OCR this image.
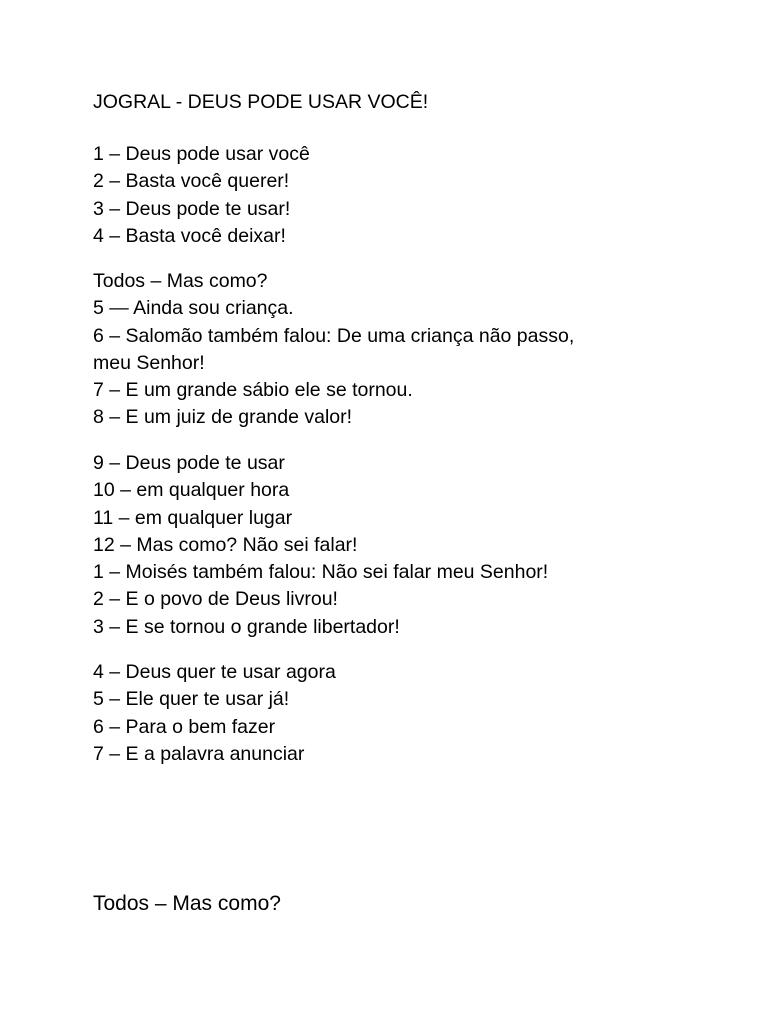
JOGRAL - DEUS PODE USAR VOCÊ!
1 – Deus pode usar você
2 – Basta você querer!
3 – Deus pode te usar!
4 – Basta você deixar!
Todos – Mas como?
5 — Ainda sou criança.
6 – Salomão também falou: De uma criança não passo,
meu Senhor!
7 – E um grande sábio ele se tornou.
8 – E um juiz de grande valor!
9 – Deus pode te usar
10 – em qualquer hora
11 – em qualquer lugar
12 – Mas como? Não sei falar!
1 – Moisés também falou: Não sei falar meu Senhor!
2 – E o povo de Deus livrou!
3 – E se tornou o grande libertador!
4 – Deus quer te usar agora
5 – Ele quer te usar já!
6 – Para o bem fazer
7 – E a palavra anunciar
Todos – Mas como?
